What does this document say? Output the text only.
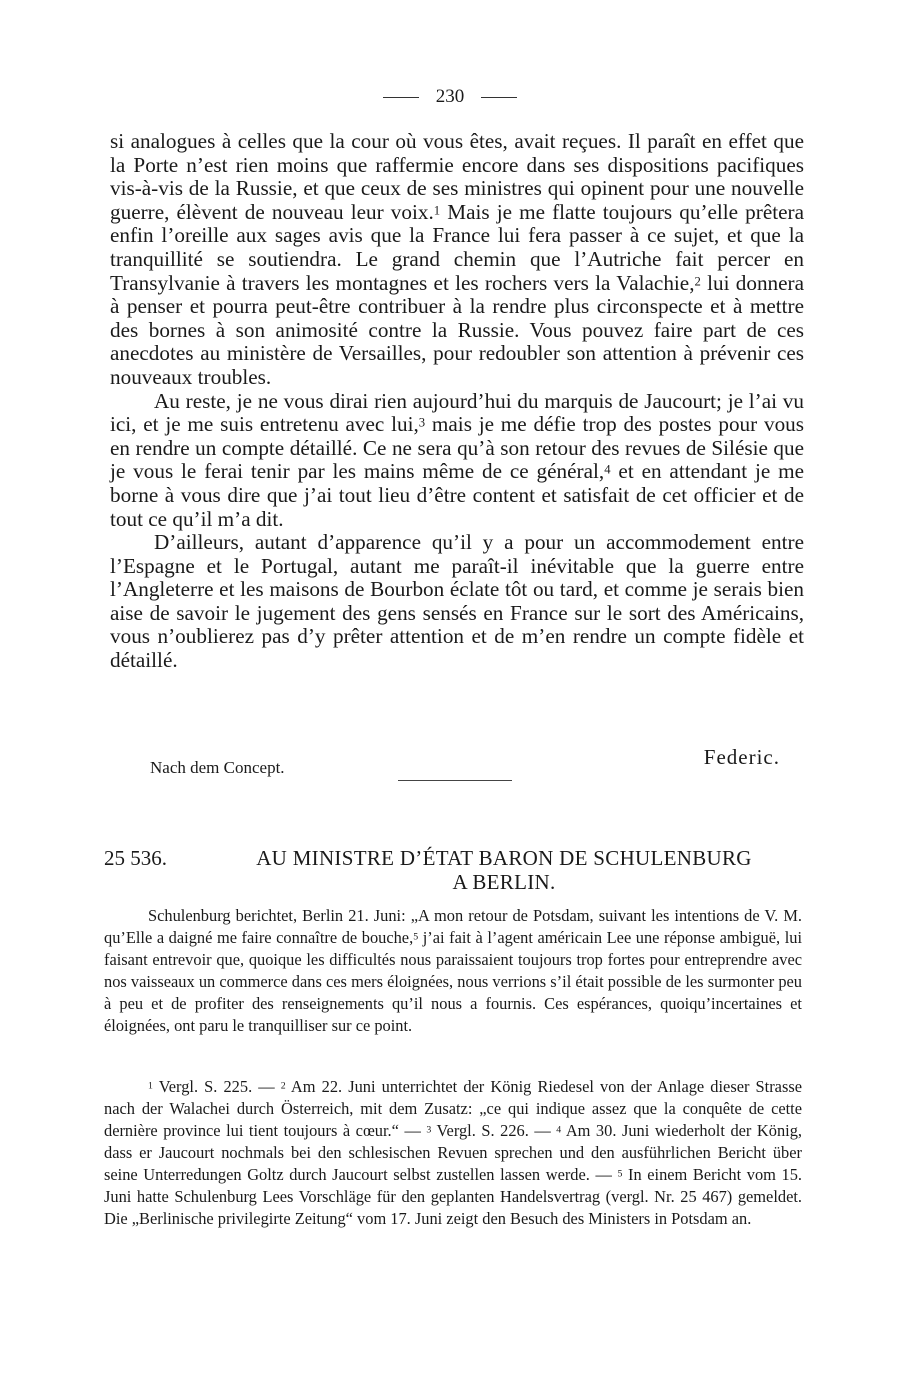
230

si analogues à celles que la cour où vous êtes, avait reçues. Il paraît en effet que la Porte n’est rien moins que raffermie encore dans ses dispositions pacifiques vis-à-vis de la Russie, et que ceux de ses ministres qui opinent pour une nouvelle guerre, élèvent de nouveau leur voix.$^1$ Mais je me flatte toujours qu’elle prêtera enfin l’oreille aux sages avis que la France lui fera passer à ce sujet, et que la tranquillité se soutiendra. Le grand chemin que l’Autriche fait percer en Transylvanie à travers les montagnes et les rochers vers la Valachie,$^2$ lui donnera à penser et pourra peut-être contribuer à la rendre plus circonspecte et à mettre des bornes à son animosité contre la Russie. Vous pouvez faire part de ces anecdotes au ministère de Versailles, pour redoubler son attention à prévenir ces nouveaux troubles.

Au reste, je ne vous dirai rien aujourd’hui du marquis de Jaucourt; je l’ai vu ici, et je me suis entretenu avec lui,$^3$ mais je me défie trop des postes pour vous en rendre un compte détaillé. Ce ne sera qu’à son retour des revues de Silésie que je vous le ferai tenir par les mains même de ce général,$^4$ et en attendant je me borne à vous dire que j’ai tout lieu d’être content et satisfait de cet officier et de tout ce qu’il m’a dit.

D’ailleurs, autant d’apparence qu’il y a pour un accommodement entre l’Espagne et le Portugal, autant me paraît-il inévitable que la guerre entre l’Angleterre et les maisons de Bourbon éclate tôt ou tard, et comme je serais bien aise de savoir le jugement des gens sensés en France sur le sort des Américains, vous n’oublierez pas d’y prêter attention et de m’en rendre un compte fidèle et détaillé.

Nach dem Concept.	Federic.
25 536.	AU MINISTRE D’ÉTAT BARON DE SCHULENBURG
A BERLIN.

Schulenburg berichtet, Berlin 21. Juni: „A mon retour de Potsdam, suivant les intentions de V. M. qu’Elle a daigné me faire connaître de bouche,$^5$ j’ai fait à l’agent américain Lee une réponse ambiguë, lui faisant entrevoir que, quoique les difficultés nous paraissaient toujours trop fortes pour entreprendre avec nos vaisseaux un commerce dans ces mers éloignées, nous verrions s’il était possible de les surmonter peu à peu et de profiter des renseignements qu’il nous a fournis. Ces espérances, quoiqu’incertaines et éloignées, ont paru le tranquilliser sur ce point.

$^1$ Vergl. S. 225. — $^2$ Am 22. Juni unterrichtet der König Riedesel von der Anlage dieser Strasse nach der Walachei durch Österreich, mit dem Zusatz: „ce qui indique assez que la conquête de cette dernière province lui tient toujours à cœur.“ — $^3$ Vergl. S. 226. — $^4$ Am 30. Juni wiederholt der König, dass er Jaucourt nochmals bei den schlesischen Revuen sprechen und den ausführlichen Bericht über seine Unterredungen Goltz durch Jaucourt selbst zustellen lassen werde. — $^5$ In einem Bericht vom 15. Juni hatte Schulenburg Lees Vorschläge für den geplanten Handelsvertrag (vergl. Nr. 25 467) gemeldet. Die „Berlinische privilegirte Zeitung“ vom 17. Juni zeigt den Besuch des Ministers in Potsdam an.
